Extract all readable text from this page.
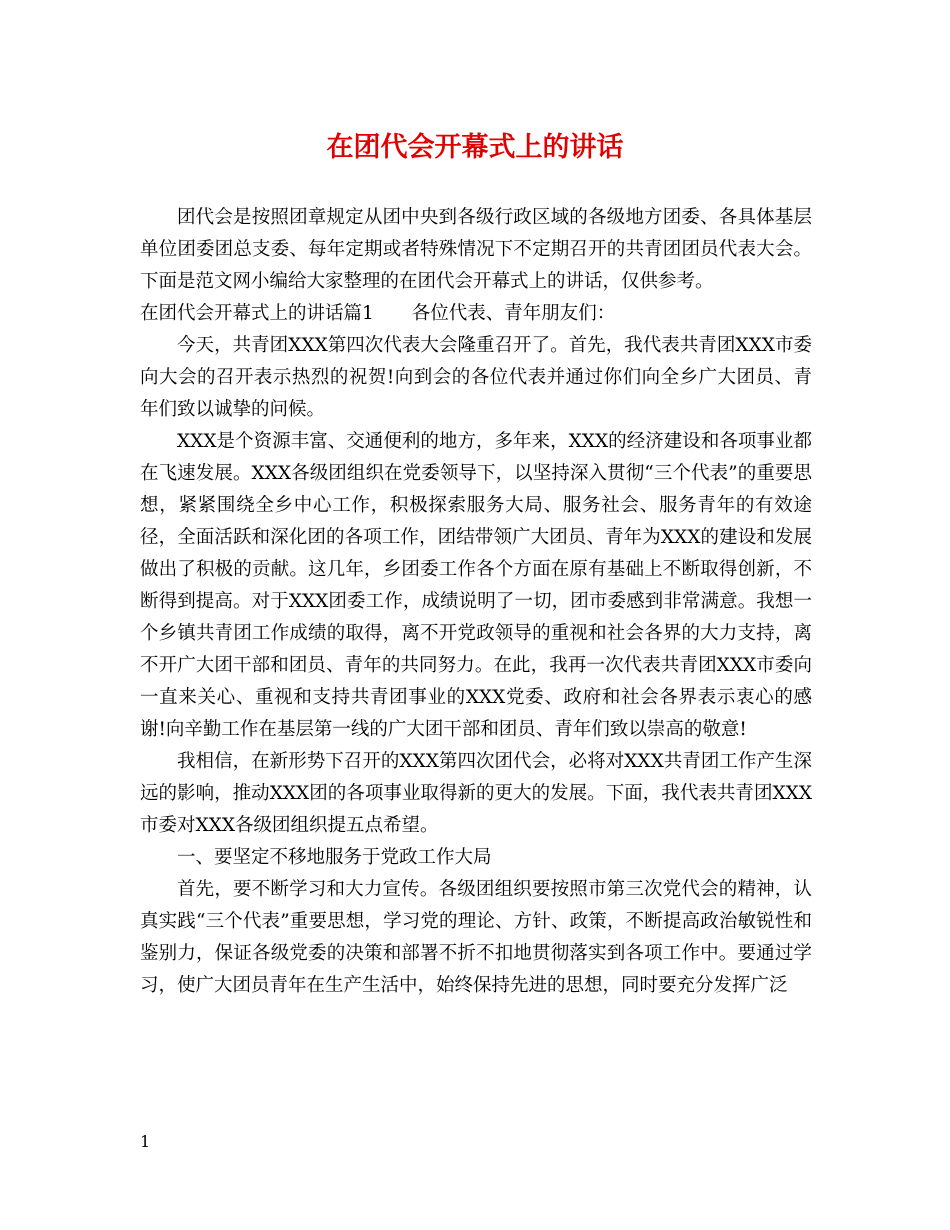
在团代会开幕式上的讲话

团代会是按照团章规定从团中央到各级行政区域的各级地方团委、各具体基层单位团委团总支委、每年定期或者特殊情况下不定期召开的共青团团员代表大会。下面是范文网小编给大家整理的在团代会开幕式上的讲话，仅供参考。

在团代会开幕式上的讲话篇1 各位代表、青年朋友们：

今天，共青团XXX第四次代表大会隆重召开了。首先，我代表共青团XXX市委向大会的召开表示热烈的祝贺!向到会的各位代表并通过你们向全乡广大团员、青年们致以诚挚的问候。

XXX是个资源丰富、交通便利的地方，多年来，XXX的经济建设和各项事业都在飞速发展。XXX各级团组织在党委领导下，以坚持深入贯彻“三个代表”的重要思想，紧紧围绕全乡中心工作，积极探索服务大局、服务社会、服务青年的有效途径，全面活跃和深化团的各项工作，团结带领广大团员、青年为XXX的建设和发展做出了积极的贡献。这几年，乡团委工作各个方面在原有基础上不断取得创新，不断得到提高。对于XXX团委工作，成绩说明了一切，团市委感到非常满意。我想一个乡镇共青团工作成绩的取得，离不开党政领导的重视和社会各界的大力支持，离不开广大团干部和团员、青年的共同努力。在此，我再一次代表共青团XXX市委向一直来关心、重视和支持共青团事业的XXX党委、政府和社会各界表示衷心的感谢!向辛勤工作在基层第一线的广大团干部和团员、青年们致以崇高的敬意!

我相信，在新形势下召开的XXX第四次团代会，必将对XXX共青团工作产生深远的影响，推动XXX团的各项事业取得新的更大的发展。下面，我代表共青团XXX市委对XXX各级团组织提五点希望。

一、要坚定不移地服务于党政工作大局

首先，要不断学习和大力宣传。各级团组织要按照市第三次党代会的精神，认真实践“三个代表”重要思想，学习党的理论、方针、政策，不断提高政治敏锐性和鉴别力，保证各级党委的决策和部署不折不扣地贯彻落实到各项工作中。要通过学习，使广大团员青年在生产生活中，始终保持先进的思想，同时要充分发挥广泛

1
